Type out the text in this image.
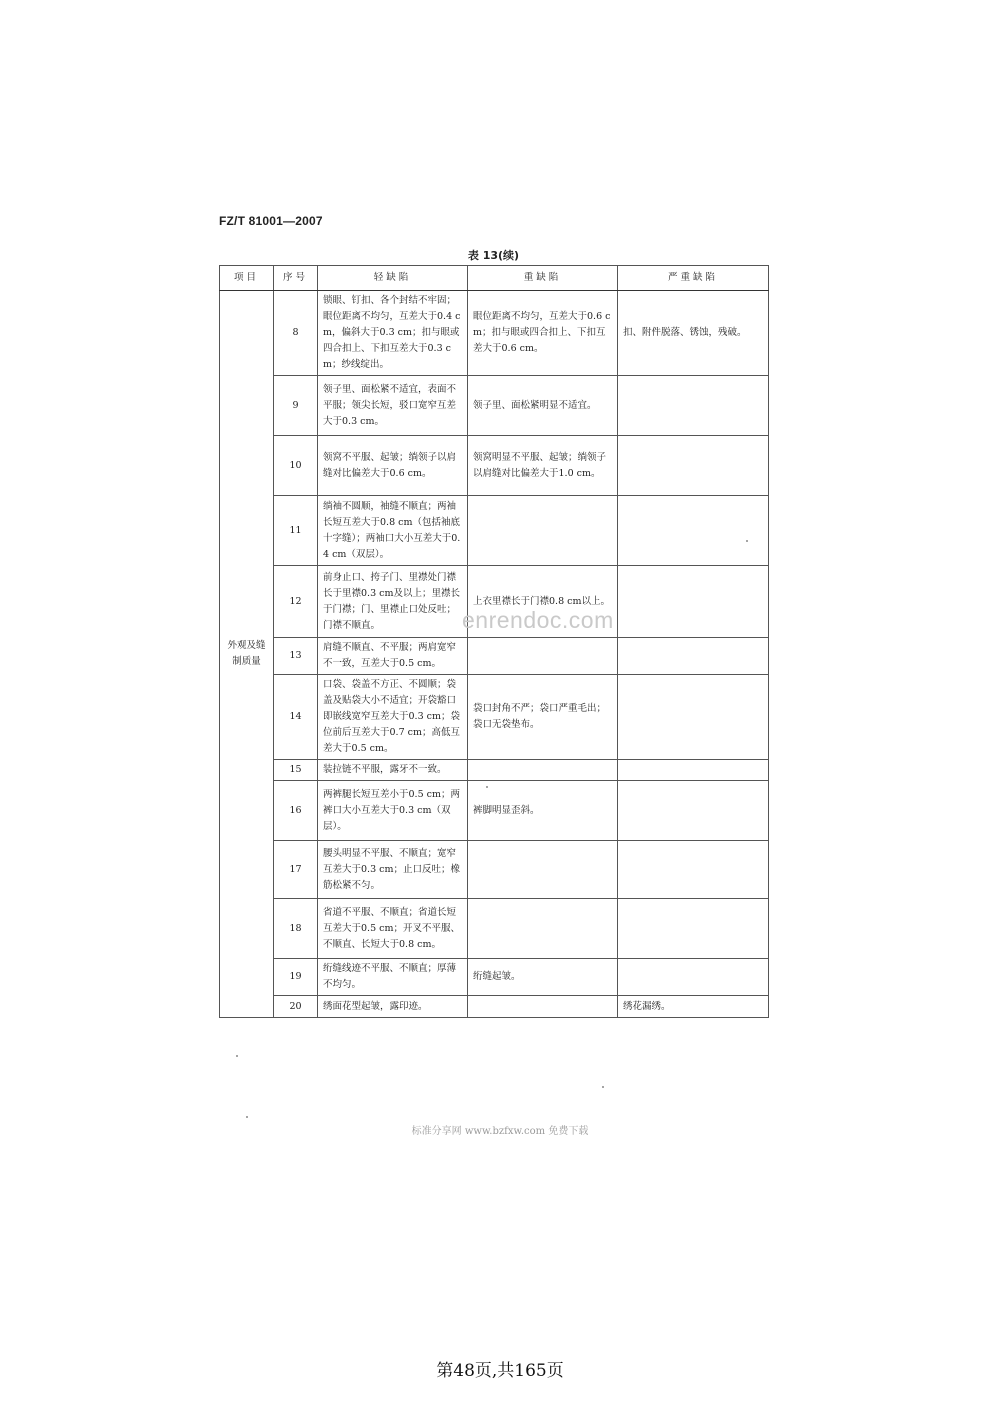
FZ/T 81001—2007
表 13(续)
项目	序号	轻缺陷	重缺陷	严重缺陷
外观及缝制质量	8	锁眼、钉扣、各个封结不牢固；眼位距离不均匀，互差大于0.4 cm，偏斜大于0.3 cm；扣与眼或四合扣上、下扣互差大于0.3 cm；纱线绽出。	眼位距离不均匀，互差大于0.6 cm；扣与眼或四合扣上、下扣互差大于0.6 cm。	扣、附件脱落、锈蚀，残破。
	9	领子里、面松紧不适宜，表面不平服；领尖长短，驳口宽窄互差大于0.3 cm。	领子里、面松紧明显不适宜。	
	10	领窝不平服、起皱；绱领子以肩缝对比偏差大于0.6 cm。	领窝明显不平服、起皱；绱领子以肩缝对比偏差大于1.0 cm。	
	11	绱袖不圆顺，袖缝不顺直；两袖长短互差大于0.8 cm（包括袖底十字缝）；两袖口大小互差大于0.4 cm（双层）。		
	12	前身止口、挎子门、里襟处门襟长于里襟0.3 cm及以上；里襟长于门襟；门、里襟止口处反吐；门襟不顺直。	上衣里襟长于门襟0.8 cm以上。	
	13	肩缝不顺直、不平服；两肩宽窄不一致，互差大于0.5 cm。		
	14	口袋、袋盖不方正、不圆顺；袋盖及贴袋大小不适宜；开袋豁口即嵌线宽窄互差大于0.3 cm；袋位前后互差大于0.7 cm；高低互差大于0.5 cm。	袋口封角不严；袋口严重毛出；袋口无袋垫布。	
	15	装拉链不平服，露牙不一致。		
	16	两裤腿长短互差小于0.5 cm；两裤口大小互差大于0.3 cm（双层）。	裤脚明显歪斜。	
	17	腰头明显不平服、不顺直；宽窄互差大于0.3 cm；止口反吐；橡筋松紧不匀。		
	18	省道不平服、不顺直；省道长短互差大于0.5 cm；开叉不平服、不顺直、长短大于0.8 cm。		
	19	绗缝线迹不平服、不顺直；厚薄不均匀。	绗缝起皱。	
	20	绣面花型起皱，露印迹。		绣花漏绣。
enrendoc.com
标准分享网 www.bzfxw.com 免费下载
第48页,共165页
